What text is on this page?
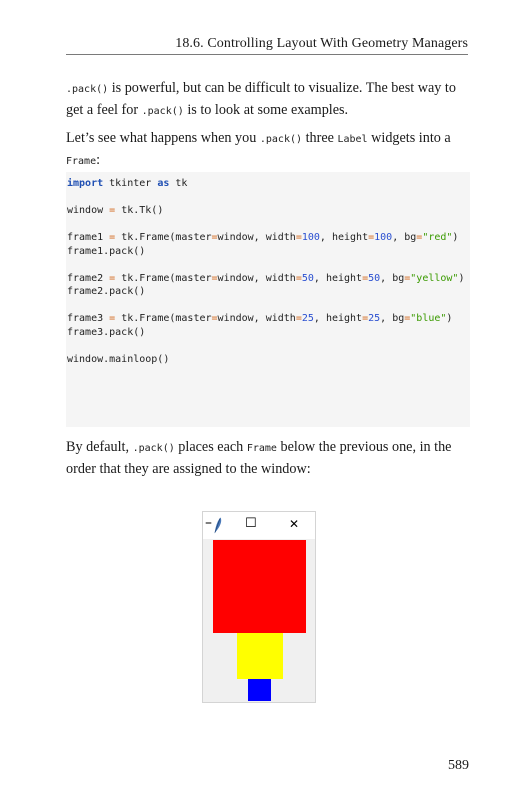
18.6. Controlling Layout With Geometry Managers

.pack() is powerful, but can be difficult to visualize. The best way to
get a feel for .pack() is to look at some examples.

Let’s see what happens when you .pack() three Label widgets into a
Frame:

import tkinter as tk
window = tk.Tk()
frame1 = tk.Frame(master=window, width=100, height=100, bg="red")
frame1.pack()
frame2 = tk.Frame(master=window, width=50, height=50, bg="yellow")
frame2.pack()
frame3 = tk.Frame(master=window, width=25, height=25, bg="blue")
frame3.pack()
window.mainloop()

By default, .pack() places each Frame below the previous one, in the
order that they are assigned to the window:

–	☐	✕
589
